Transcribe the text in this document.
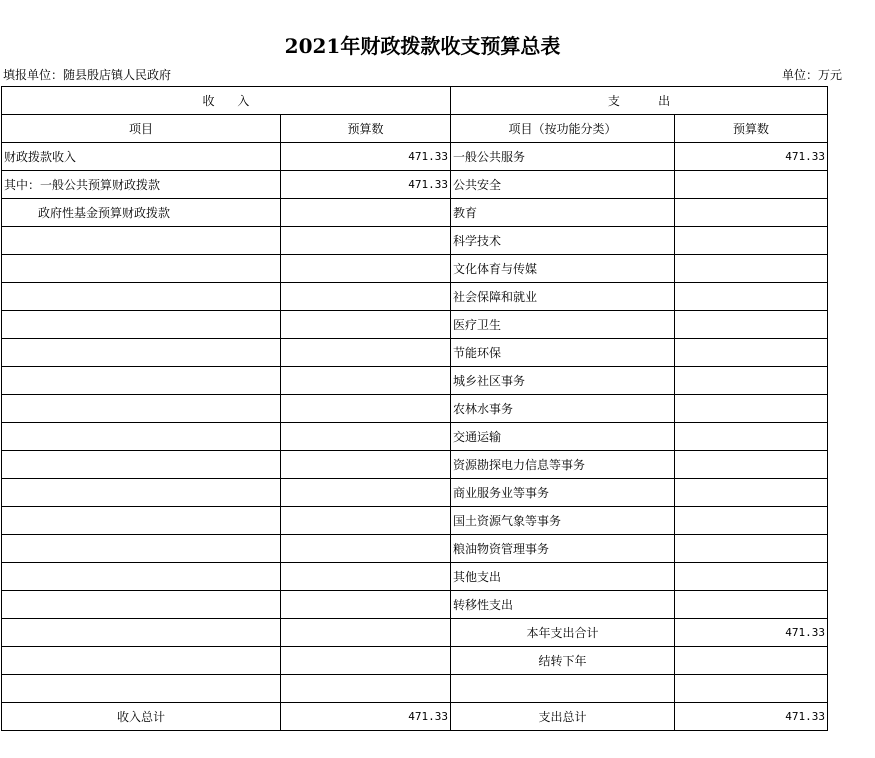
2021年财政拨款收支预算总表
填报单位：随县殷店镇人民政府	单位：万元
收      入		支          出	
项目	预算数	项目（按功能分类）	预算数
财政拨款收入	471.33	一般公共服务	471.33
其中：一般公共预算财政拨款	471.33	公共安全	
政府性基金预算财政拨款		教育	
		科学技术	
		文化体育与传媒	
		社会保障和就业	
		医疗卫生	
		节能环保	
		城乡社区事务	
		农林水事务	
		交通运输	
		资源勘探电力信息等事务	
		商业服务业等事务	
		国土资源气象等事务	
		粮油物资管理事务	
		其他支出	
		转移性支出	
		本年支出合计	471.33
		结转下年	

收入总计	471.33	支出总计	471.33
